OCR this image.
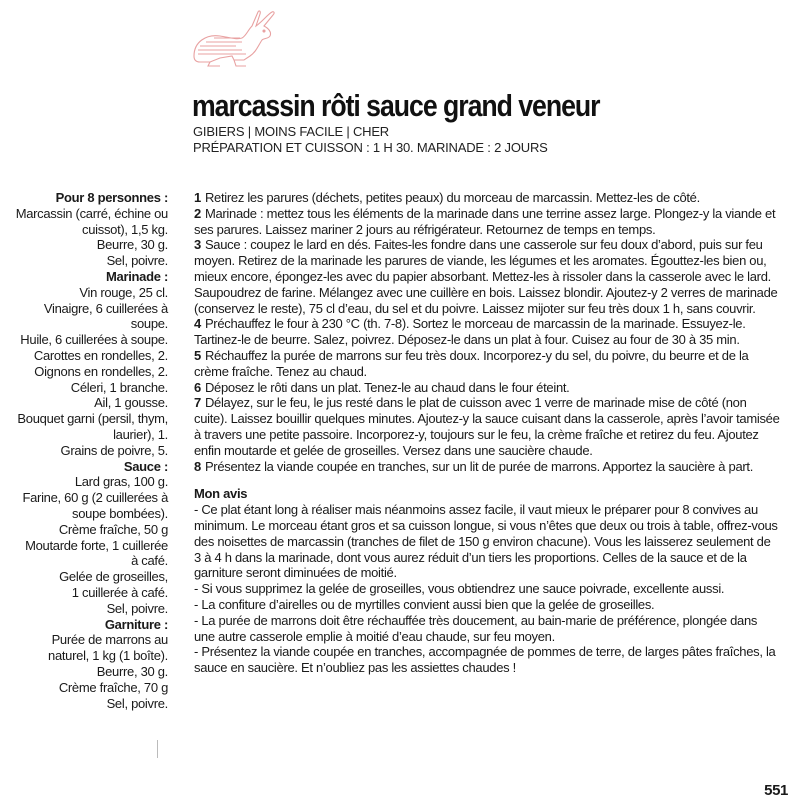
marcassin rôti sauce grand veneur
GIBIERS | MOINS FACILE | CHER
PRÉPARATION ET CUISSON : 1 H 30. MARINADE : 2 JOURS

Pour 8 personnes :

Marcassin (carré, échine ou

cuissot), 1,5 kg.

Beurre, 30 g.

Sel, poivre.

Marinade :

Vin rouge, 25 cl.

Vinaigre, 6 cuillerées à

soupe.

Huile, 6 cuillerées à soupe.

Carottes en rondelles, 2.

Oignons en rondelles, 2.

Céleri, 1 branche.

Ail, 1 gousse.

Bouquet garni (persil, thym,

laurier), 1.

Grains de poivre, 5.

Sauce :

Lard gras, 100 g.

Farine, 60 g (2 cuillerées à

soupe bombées).

Crème fraîche, 50 g

Moutarde forte, 1 cuillerée

à café.

Gelée de groseilles,

1 cuillerée à café.

Sel, poivre.

Garniture :

Purée de marrons au

naturel, 1 kg (1 boîte).

Beurre, 30 g.

Crème fraîche, 70 g

Sel, poivre.

1 Retirez les parures (déchets, petites peaux) du morceau de marcassin. Mettez-les de côté.

2 Marinade : mettez tous les éléments de la marinade dans une terrine assez large. Plongez-y la viande et ses parures. Laissez mariner 2 jours au réfrigérateur. Retournez de temps en temps.

3 Sauce : coupez le lard en dés. Faites-les fondre dans une casserole sur feu doux d’abord, puis sur feu moyen. Retirez de la marinade les parures de viande, les légumes et les aromates. Égouttez-les bien ou, mieux encore, épongez-les avec du papier absorbant. Mettez-les à rissoler dans la casserole avec le lard. Saupoudrez de farine. Mélangez avec une cuillère en bois. Laissez blondir. Ajoutez-y 2 verres de marinade (conservez le reste), 75 cl d’eau, du sel et du poivre. Laissez mijoter sur feu très doux 1 h, sans couvrir.

4 Préchauffez le four à 230 °C (th. 7-8). Sortez le morceau de marcassin de la marinade. Essuyez-le. Tartinez-le de beurre. Salez, poivrez. Déposez-le dans un plat à four. Cuisez au four de 30 à 35 min.

5 Réchauffez la purée de marrons sur feu très doux. Incorporez-y du sel, du poivre, du beurre et de la crème fraîche. Tenez au chaud.

6 Déposez le rôti dans un plat. Tenez-le au chaud dans le four éteint.

7 Délayez, sur le feu, le jus resté dans le plat de cuisson avec 1 verre de marinade mise de côté (non cuite). Laissez bouillir quelques minutes. Ajoutez-y la sauce cuisant dans la casserole, après l’avoir tamisée à travers une petite passoire. Incorporez-y, toujours sur le feu, la crème fraîche et retirez du feu. Ajoutez enfin moutarde et gelée de groseilles. Versez dans une saucière chaude.

8 Présentez la viande coupée en tranches, sur un lit de purée de marrons. Apportez la saucière à part.

Mon avis

- Ce plat étant long à réaliser mais néanmoins assez facile, il vaut mieux le préparer pour 8 convives au minimum. Le morceau étant gros et sa cuisson longue, si vous n’êtes que deux ou trois à table, offrez-vous des noisettes de marcassin (tranches de filet de 150 g environ chacune). Vous les laisserez seulement de 3 à 4 h dans la marinade, dont vous aurez réduit d’un tiers les proportions. Celles de la sauce et de la garniture seront diminuées de moitié.

- Si vous supprimez la gelée de groseilles, vous obtiendrez une sauce poivrade, excellente aussi.

- La confiture d’airelles ou de myrtilles convient aussi bien que la gelée de groseilles.

- La purée de marrons doit être réchauffée très doucement, au bain-marie de préférence, plongée dans une autre casserole emplie à moitié d’eau chaude, sur feu moyen.

- Présentez la viande coupée en tranches, accompagnée de pommes de terre, de larges pâtes fraîches, la sauce en saucière. Et n’oubliez pas les assiettes chaudes !

551
